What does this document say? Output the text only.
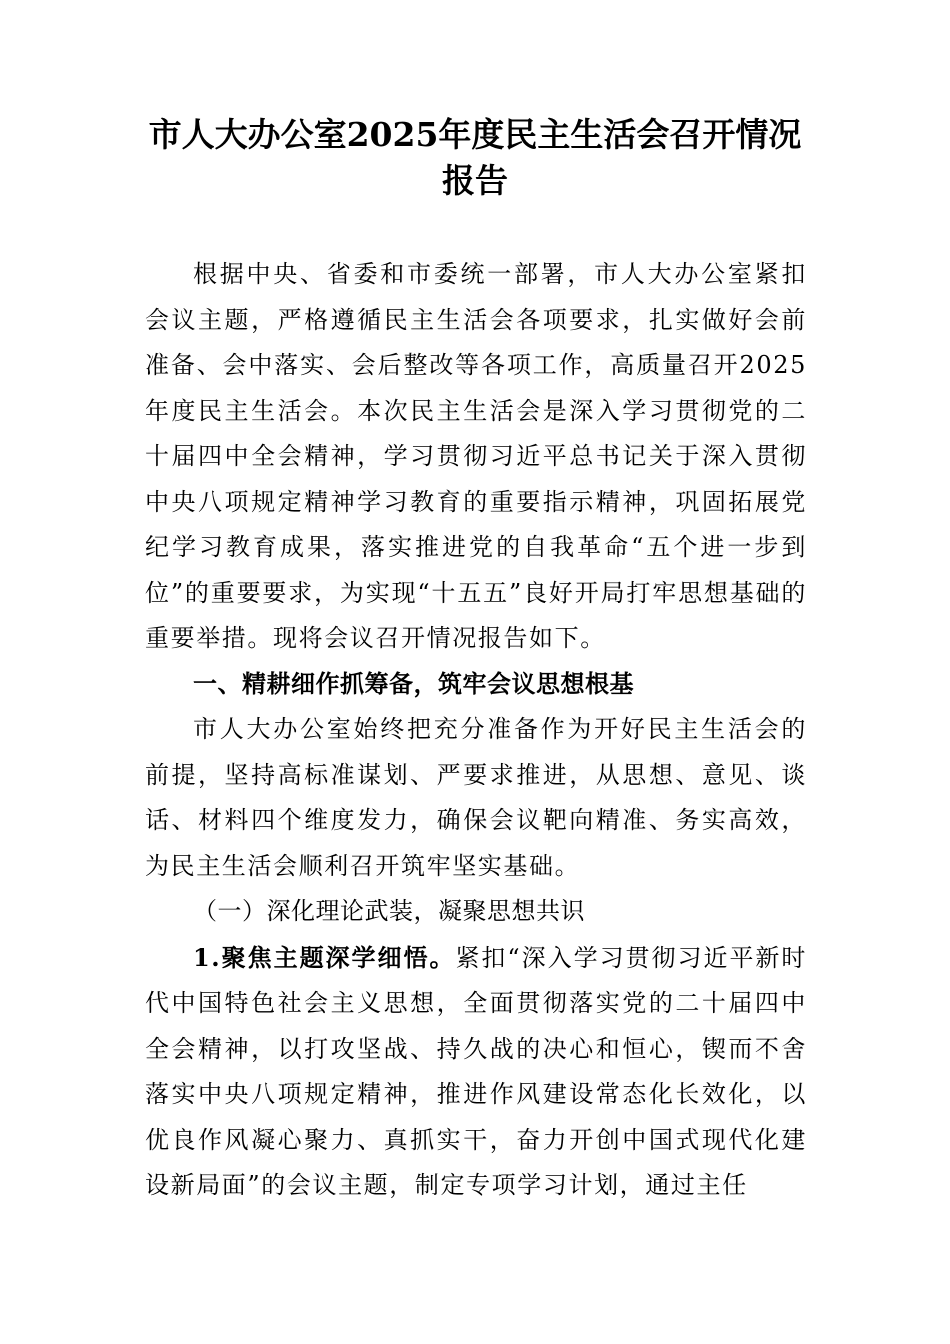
市人大办公室2025年度民主生活会召开情况报告

根据中央、省委和市委统一部署，市人大办公室紧扣会议主题，严格遵循民主生活会各项要求，扎实做好会前准备、会中落实、会后整改等各项工作，高质量召开2025年度民主生活会。本次民主生活会是深入学习贯彻党的二十届四中全会精神，学习贯彻习近平总书记关于深入贯彻中央八项规定精神学习教育的重要指示精神，巩固拓展党纪学习教育成果，落实推进党的自我革命“五个进一步到位”的重要要求，为实现“十五五”良好开局打牢思想基础的重要举措。现将会议召开情况报告如下。

一、精耕细作抓筹备，筑牢会议思想根基

市人大办公室始终把充分准备作为开好民主生活会的前提，坚持高标准谋划、严要求推进，从思想、意见、谈话、材料四个维度发力，确保会议靶向精准、务实高效，为民主生活会顺利召开筑牢坚实基础。

（一）深化理论武装，凝聚思想共识

1.聚焦主题深学细悟。紧扣“深入学习贯彻习近平新时代中国特色社会主义思想，全面贯彻落实党的二十届四中全会精神，以打攻坚战、持久战的决心和恒心，锲而不舍落实中央八项规定精神，推进作风建设常态化长效化，以优良作风凝心聚力、真抓实干，奋力开创中国式现代化建设新局面”的会议主题，制定专项学习计划，通过主任
